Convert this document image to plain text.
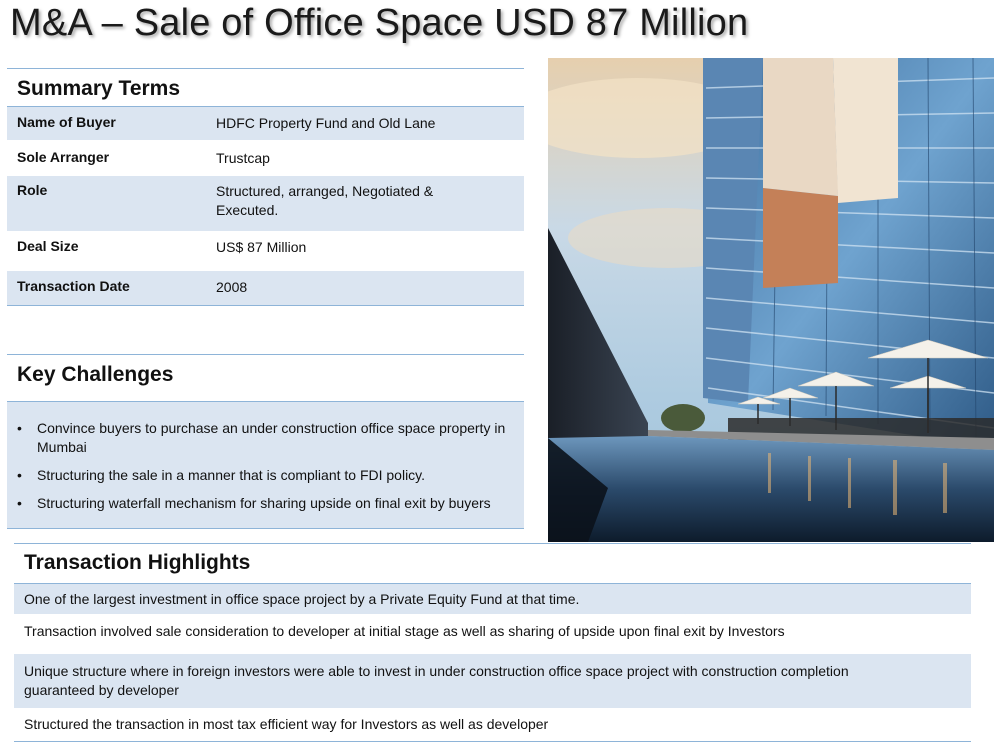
M&A – Sale of Office Space USD 87 Million
Summary Terms
Name of Buyer	HDFC Property Fund and Old Lane
Sole Arranger	Trustcap
Role	Structured, arranged, Negotiated & Executed.
Deal Size	US$ 87 Million
Transaction Date	2008
Key Challenges
• Convince buyers to purchase an under construction office space property in Mumbai
• Structuring the sale in a manner that is compliant to FDI policy.
• Structuring waterfall mechanism for sharing upside on final exit by buyers
Transaction Highlights
One of the largest investment in office space project by a Private Equity Fund at that time.
Transaction involved sale consideration to developer at initial stage as well as sharing of upside upon final exit by Investors
Unique structure where in foreign investors were able to invest in under construction office space project with construction completion guaranteed by developer
Structured the transaction in most tax efficient way for Investors as well as developer
